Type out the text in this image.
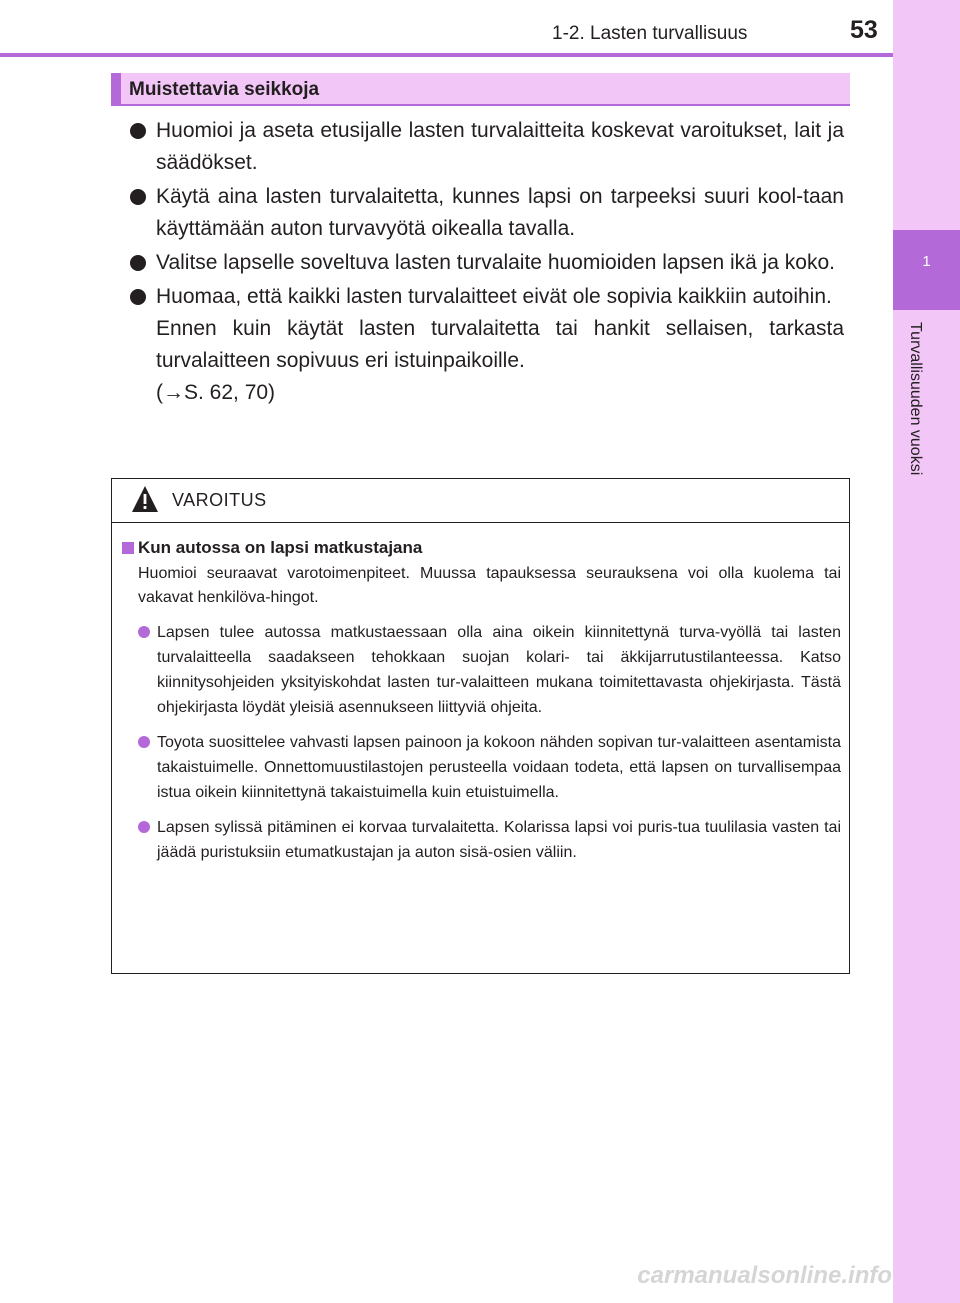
1-2. Lasten turvallisuus	53
1
Turvallisuuden vuoksi
Muistettavia seikkoja

Huomioi ja aseta etusijalle lasten turvalaitteita koskevat varoitukset, lait ja säädökset.

Käytä aina lasten turvalaitetta, kunnes lapsi on tarpeeksi suuri kool-taan käyttämään auton turvavyötä oikealla tavalla.

Valitse lapselle soveltuva lasten turvalaite huomioiden lapsen ikä ja koko.

Huomaa, että kaikki lasten turvalaitteet eivät ole sopivia kaikkiin autoihin.

Ennen kuin käytät lasten turvalaitetta tai hankit sellaisen, tarkasta turvalaitteen sopivuus eri istuinpaikoille.

(→S. 62, 70)

VAROITUS
Kun autossa on lapsi matkustajana

Huomioi seuraavat varotoimenpiteet. Muussa tapauksessa seurauksena voi olla kuolema tai vakavat henkilöva-hingot.

Lapsen tulee autossa matkustaessaan olla aina oikein kiinnitettynä turva-vyöllä tai lasten turvalaitteella saadakseen tehokkaan suojan kolari- tai äkkijarrutustilanteessa. Katso kiinnitysohjeiden yksityiskohdat lasten tur-valaitteen mukana toimitettavasta ohjekirjasta. Tästä ohjekirjasta löydät yleisiä asennukseen liittyviä ohjeita.

Toyota suosittelee vahvasti lapsen painoon ja kokoon nähden sopivan tur-valaitteen asentamista takaistuimelle. Onnettomuustilastojen perusteella voidaan todeta, että lapsen on turvallisempaa istua oikein kiinnitettynä takaistuimella kuin etuistuimella.

Lapsen sylissä pitäminen ei korvaa turvalaitetta. Kolarissa lapsi voi puris-tua tuulilasia vasten tai jäädä puristuksiin etumatkustajan ja auton sisä-osien väliin.

carmanualsonline.info
